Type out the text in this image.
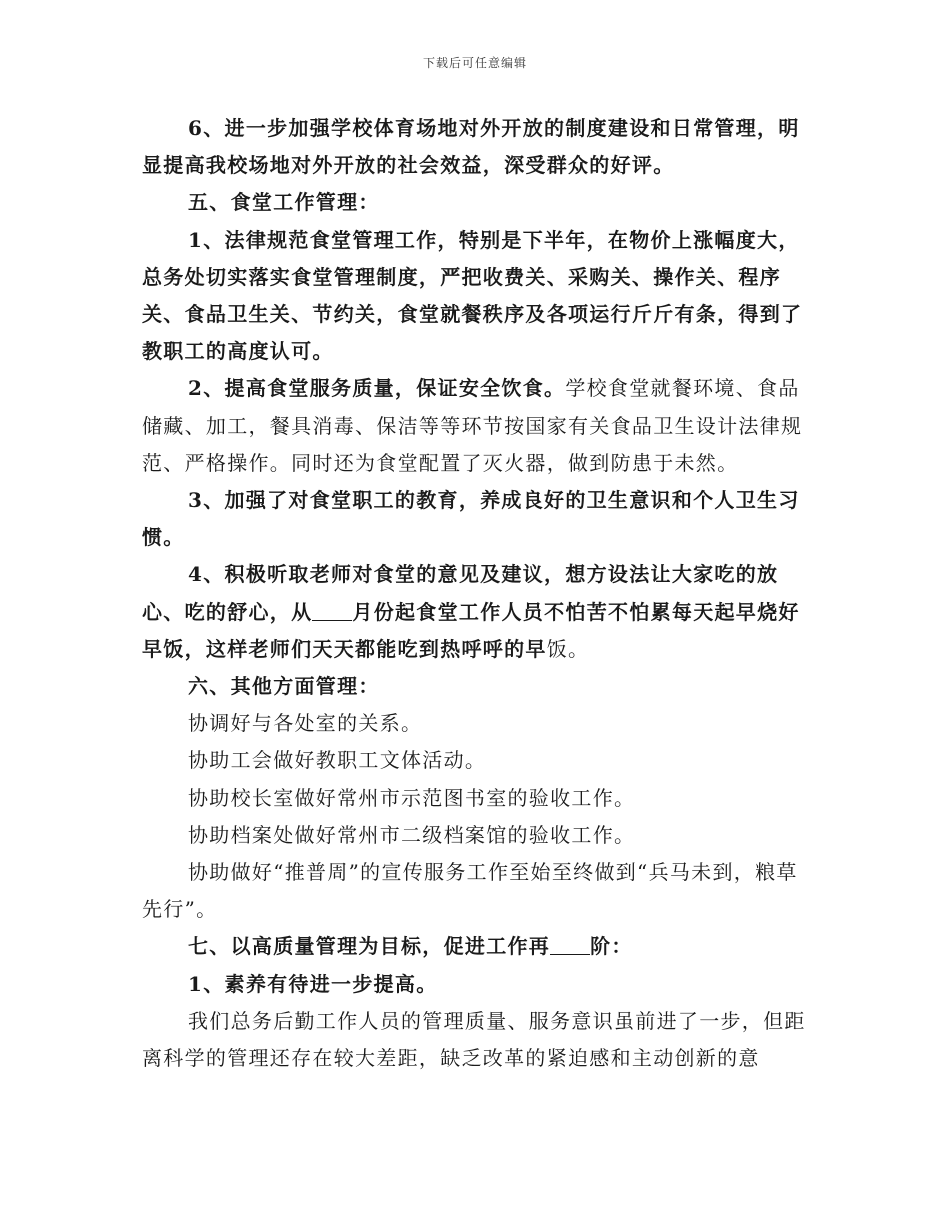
下载后可任意编辑

6、进一步加强学校体育场地对外开放的制度建设和日常管理，明显提高我校场地对外开放的社会效益，深受群众的好评。

五、食堂工作管理：

1、法律规范食堂管理工作，特别是下半年，在物价上涨幅度大，总务处切实落实食堂管理制度，严把收费关、采购关、操作关、程序关、食品卫生关、节约关，食堂就餐秩序及各项运行斤斤有条，得到了教职工的高度认可。

2、提高食堂服务质量，保证安全饮食。学校食堂就餐环境、食品储藏、加工，餐具消毒、保洁等等环节按国家有关食品卫生设计法律规范、严格操作。同时还为食堂配置了灭火器，做到防患于未然。

3、加强了对食堂职工的教育，养成良好的卫生意识和个人卫生习惯。

4、积极听取老师对食堂的意见及建议，想方设法让大家吃的放心、吃的舒心，从 月份起食堂工作人员不怕苦不怕累每天起早烧好早饭，这样老师们天天都能吃到热呼呼的早饭。

六、其他方面管理：

协调好与各处室的关系。

协助工会做好教职工文体活动。

协助校长室做好常州市示范图书室的验收工作。

协助档案处做好常州市二级档案馆的验收工作。

协助做好“推普周”的宣传服务工作至始至终做到“兵马未到，粮草先行”。

七、以高质量管理为目标，促进工作再 阶：

1、素养有待进一步提高。

我们总务后勤工作人员的管理质量、服务意识虽前进了一步，但距离科学的管理还存在较大差距，缺乏改革的紧迫感和主动创新的意
